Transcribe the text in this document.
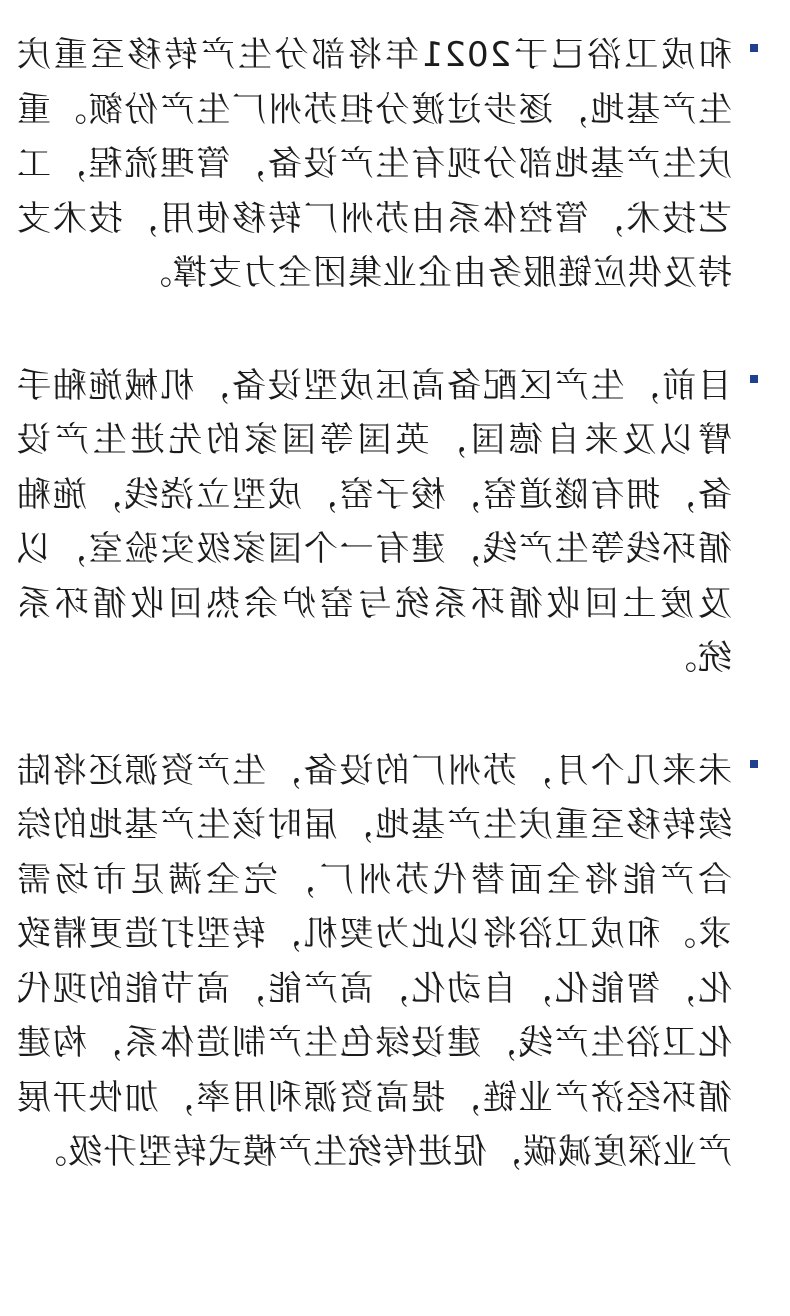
和成卫浴已于2021年将部分生产转移至重庆生产基地，逐步过渡分担苏州厂生产份额。重庆生产基地部分现有生产设备，管理流程，工艺技术，管控体系由苏州厂转移使用，技术支持及供应链服务由企业集团全力支撑。
目前，生产区配备高压成型设备，机械施釉手臂以及来自德国，英国等国家的先进生产设备，拥有隧道窑，梭子窑，成型立浇线，施釉循环线等生产线，建有一个国家级实验室，以及废土回收循环系统与窑炉余热回收循环系统。
未来几个月，苏州厂的设备，生产资源还将陆续转移至重庆生产基地，届时该生产基地的综合产能将全面替代苏州厂，完全满足市场需求。和成卫浴将以此为契机，转型打造更精致化，智能化，自动化，高产能，高节能的现代化卫浴生产线，建设绿色生产制造体系，构建循环经济产业链，提高资源利用率，加快开展产业深度减碳，促进传统生产模式转型升级。
